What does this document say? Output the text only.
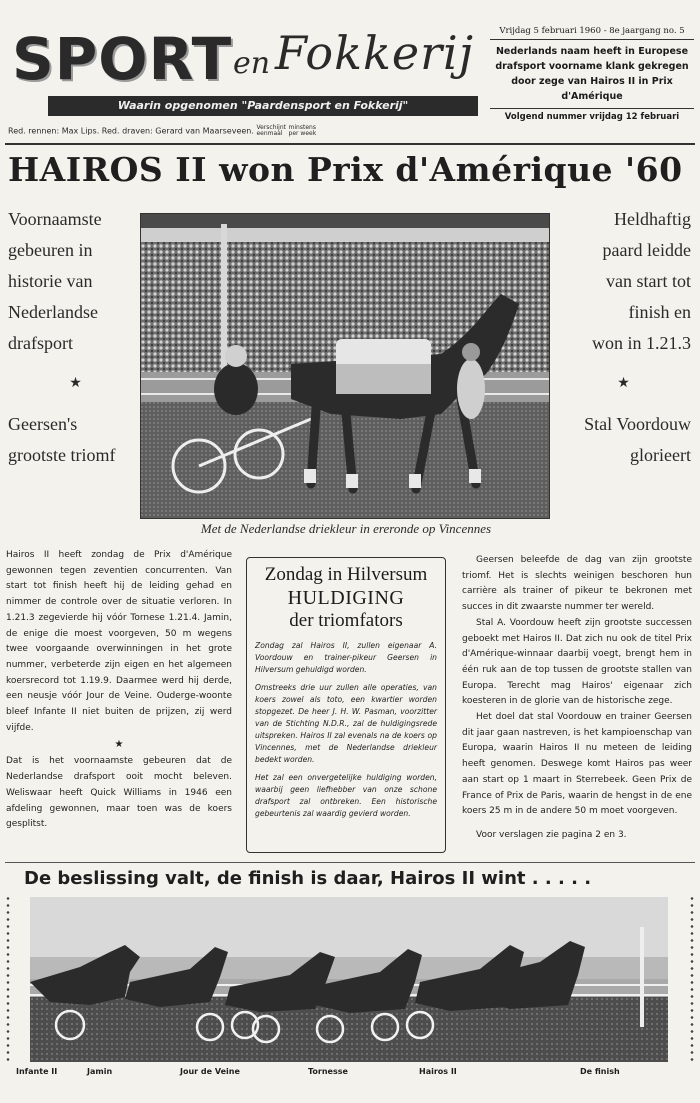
SPORT en Fokkerij
Waarin opgenomen "Paardensport en Fokkerij"
Red. rennen: Max Lips. Red. draven: Gerard van Maarseveen. Verschijnt
eenmaal minstens
per week
Vrijdag 5 februari 1960 - 8e jaargang no. 5
Nederlands naam heeft in Europese drafsport voorname klank gekregen door zege van Hairos II in Prix d'Amérique
Volgend nummer vrijdag 12 februari
HAIROS II won Prix d'Amérique '60
Voornaamste
gebeuren in
historie van
Nederlandse
drafsport
★
Geersen's
grootste triomf
Heldhaftig
paard leidde
van start tot
finish en
won in 1.21.3
★
Stal Voordouw
glorieert
Met de Nederlandse driekleur in ereronde op Vincennes

Hairos II heeft zondag de Prix d'Amérique gewonnen tegen zeventien concurrenten. Van start tot finish heeft hij de leiding gehad en nimmer de controle over de situatie verloren. In 1.21.3 zegevierde hij vóór Tornese 1.21.4. Jamin, de enige die moest voorgeven, 50 m wegens twee voorgaande overwinningen in het grote nummer, verbeterde zijn eigen en het algemeen koersrecord tot 1.19.9. Daarmee werd hij derde, een neusje vóór Jour de Veine. Ouderge-woonte bleef Infante II niet buiten de prijzen, zij werd vijfde.

★

Dat is het voornaamste gebeuren dat de Nederlandse drafsport ooit mocht beleven. Weliswaar heeft Quick Williams in 1946 een afdeling gewonnen, maar toen was de koers gesplitst.

Zondag in Hilversum
HULDIGING
der triomfators

Zondag zal Hairos II, zullen eigenaar A. Voordouw en trainer-pikeur Geersen in Hilversum gehuldigd worden.

Omstreeks drie uur zullen alle operaties, van koers zowel als toto, een kwartier worden stopgezet. De heer J. H. W. Pasman, voorzitter van de Stichting N.D.R., zal de huldigingsrede uitspreken. Hairos II zal evenals na de koers op Vincennes, met de Nederlandse driekleur bedekt worden.

Het zal een onvergetelijke huldiging worden, waarbij geen liefhebber van onze schone drafsport zal ontbreken. Een historische gebeurtenis zal waardig gevierd worden.

Geersen beleefde de dag van zijn grootste triomf. Het is slechts weinigen beschoren hun carrière als trainer of pikeur te bekronen met succes in dit zwaarste nummer ter wereld.

Stal A. Voordouw heeft zijn grootste successen geboekt met Hairos II. Dat zich nu ook de titel Prix d'Amérique-winnaar daarbij voegt, brengt hem in één ruk aan de top tussen de grootste stallen van Europa. Terecht mag Hairos' eigenaar zich koesteren in de glorie van de historische zege.

Het doel dat stal Voordouw en trainer Geersen dit jaar gaan nastreven, is het kampioenschap van Europa, waarin Hairos II nu meteen de leiding heeft genomen. Deswege komt Hairos pas weer aan start op 1 maart in Sterrebeek. Geen Prix de France of Prix de Paris, waarin de hengst in de ene koers 25 m in de andere 50 m moet voorgeven.

Voor verslagen zie pagina 2 en 3.

De beslissing valt, de finish is daar, Hairos II wint . . . . .
Infante II	Jamin	Jour de Veine	Tornesse	Hairos II	De finish
